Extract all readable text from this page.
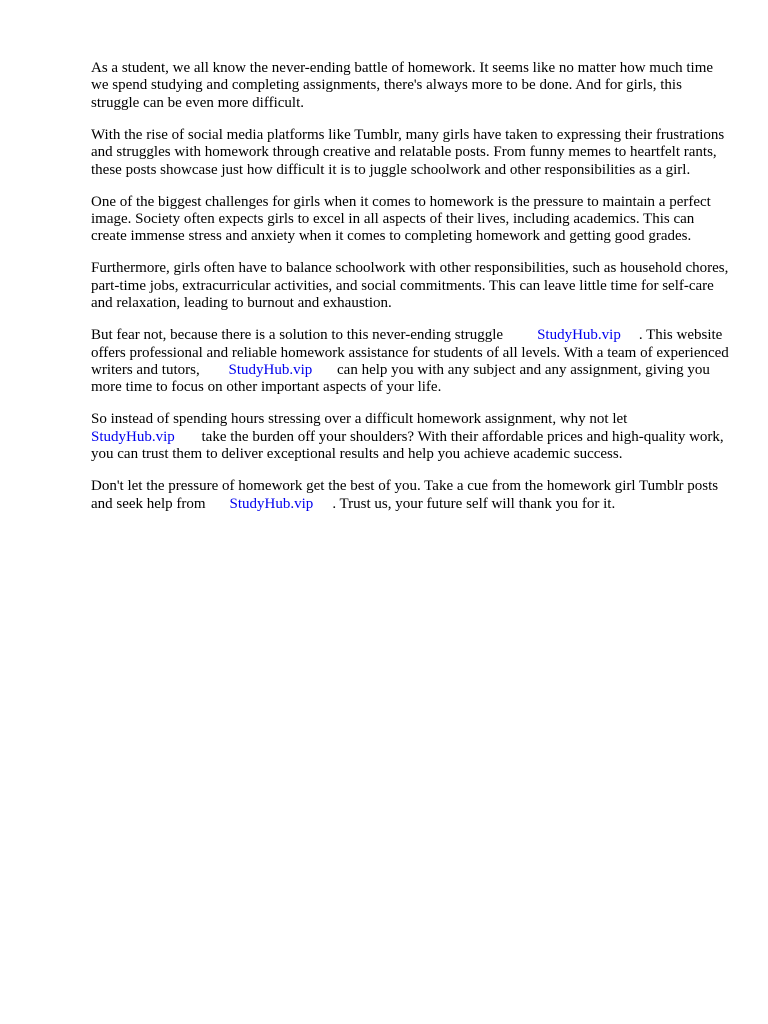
As a student, we all know the never-ending battle of homework. It seems like no matter how much time we spend studying and completing assignments, there's always more to be done. And for girls, this struggle can be even more difficult.

With the rise of social media platforms like Tumblr, many girls have taken to expressing their frustrations and struggles with homework through creative and relatable posts. From funny memes to heartfelt rants, these posts showcase just how difficult it is to juggle schoolwork and other responsibilities as a girl.

One of the biggest challenges for girls when it comes to homework is the pressure to maintain a perfect image. Society often expects girls to excel in all aspects of their lives, including academics. This can create immense stress and anxiety when it comes to completing homework and getting good grades.

Furthermore, girls often have to balance schoolwork with other responsibilities, such as household chores, part-time jobs, extracurricular activities, and social commitments. This can leave little time for self-care and relaxation, leading to burnout and exhaustion.

But fear not, because there is a solution to this never-ending struggle StudyHub.vip . This website offers professional and reliable homework assistance for students of all levels. With a team of experienced writers and tutors, StudyHub.vip can help you with any subject and any assignment, giving you more time to focus on other important aspects of your life.

So instead of spending hours stressing over a difficult homework assignment, why not let StudyHub.vip take the burden off your shoulders? With their affordable prices and high-quality work, you can trust them to deliver exceptional results and help you achieve academic success.

Don't let the pressure of homework get the best of you. Take a cue from the homework girl Tumblr posts and seek help from StudyHub.vip . Trust us, your future self will thank you for it.
